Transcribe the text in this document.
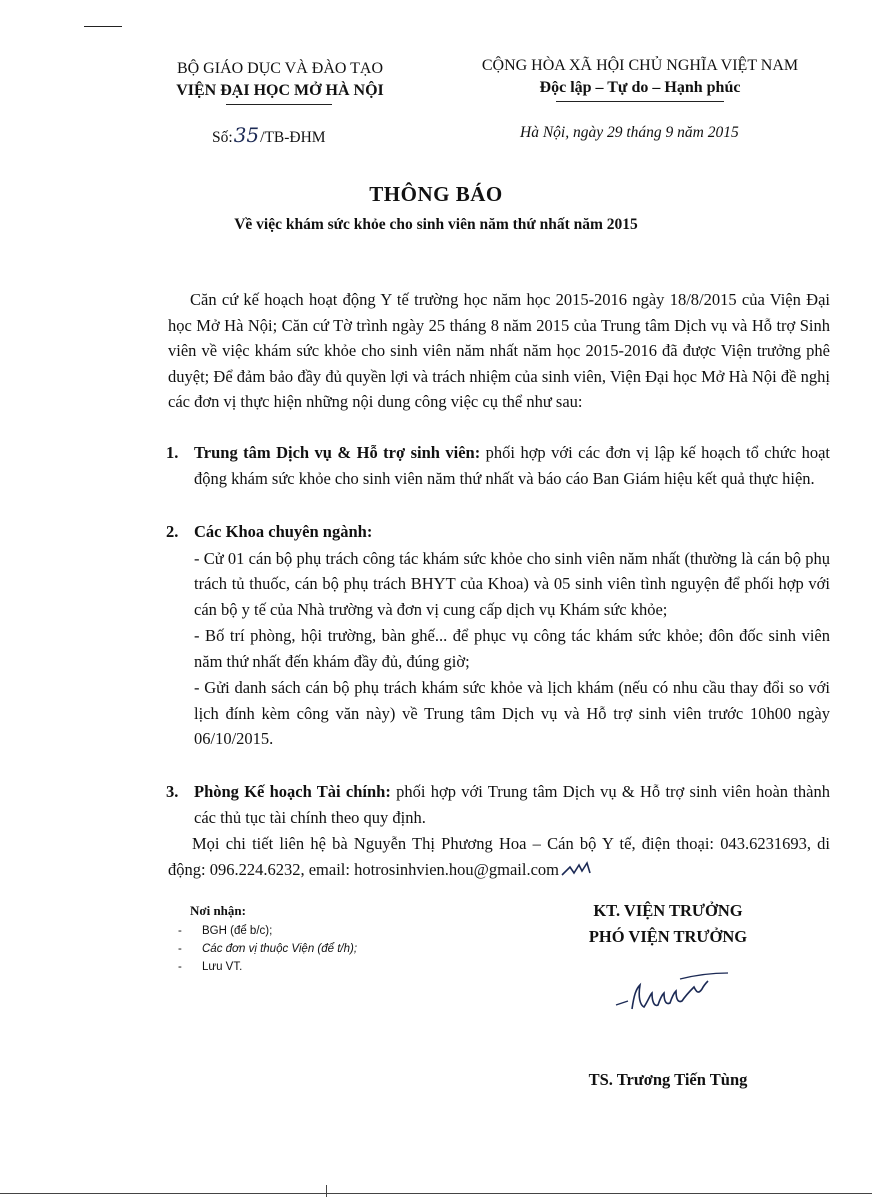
BỘ GIÁO DỤC VÀ ĐÀO TẠO
VIỆN ĐẠI HỌC MỞ HÀ NỘI
Số:35/TB-ĐHM
CỘNG HÒA XÃ HỘI CHỦ NGHĨA VIỆT NAM
Độc lập – Tự do – Hạnh phúc
Hà Nội, ngày 29 tháng 9 năm 2015
THÔNG BÁO
Về việc khám sức khỏe cho sinh viên năm thứ nhất năm 2015
Căn cứ kế hoạch hoạt động Y tế trường học năm học 2015-2016 ngày 18/8/2015 của Viện Đại học Mở Hà Nội; Căn cứ Tờ trình ngày 25 tháng 8 năm 2015 của Trung tâm Dịch vụ và Hỗ trợ Sinh viên về việc khám sức khỏe cho sinh viên năm nhất năm học 2015-2016 đã được Viện trưởng phê duyệt; Để đảm bảo đầy đủ quyền lợi và trách nhiệm của sinh viên, Viện Đại học Mở Hà Nội đề nghị các đơn vị thực hiện những nội dung công việc cụ thể như sau:
1. Trung tâm Dịch vụ & Hỗ trợ sinh viên: phối hợp với các đơn vị lập kế hoạch tổ chức hoạt động khám sức khỏe cho sinh viên năm thứ nhất và báo cáo Ban Giám hiệu kết quả thực hiện.
2. Các Khoa chuyên ngành:
- Cử 01 cán bộ phụ trách công tác khám sức khỏe cho sinh viên năm nhất (thường là cán bộ phụ trách tủ thuốc, cán bộ phụ trách BHYT của Khoa) và 05 sinh viên tình nguyện để phối hợp với cán bộ y tế của Nhà trường và đơn vị cung cấp dịch vụ Khám sức khỏe;
- Bố trí phòng, hội trường, bàn ghế... để phục vụ công tác khám sức khỏe; đôn đốc sinh viên năm thứ nhất đến khám đầy đủ, đúng giờ;
- Gửi danh sách cán bộ phụ trách khám sức khỏe và lịch khám (nếu có nhu cầu thay đổi so với lịch đính kèm công văn này) về Trung tâm Dịch vụ và Hỗ trợ sinh viên trước 10h00 ngày 06/10/2015.
3. Phòng Kế hoạch Tài chính: phối hợp với Trung tâm Dịch vụ & Hỗ trợ sinh viên hoàn thành các thủ tục tài chính theo quy định.
Mọi chi tiết liên hệ bà Nguyễn Thị Phương Hoa – Cán bộ Y tế, điện thoại: 043.6231693, di động: 096.224.6232, email: hotrosinhvien.hou@gmail.com
Nơi nhận:
- BGH (để b/c);
- Các đơn vị thuộc Viện (để t/h);
- Lưu VT.
KT. VIỆN TRƯỞNG
PHÓ VIỆN TRƯỞNG
TS. Trương Tiến Tùng
